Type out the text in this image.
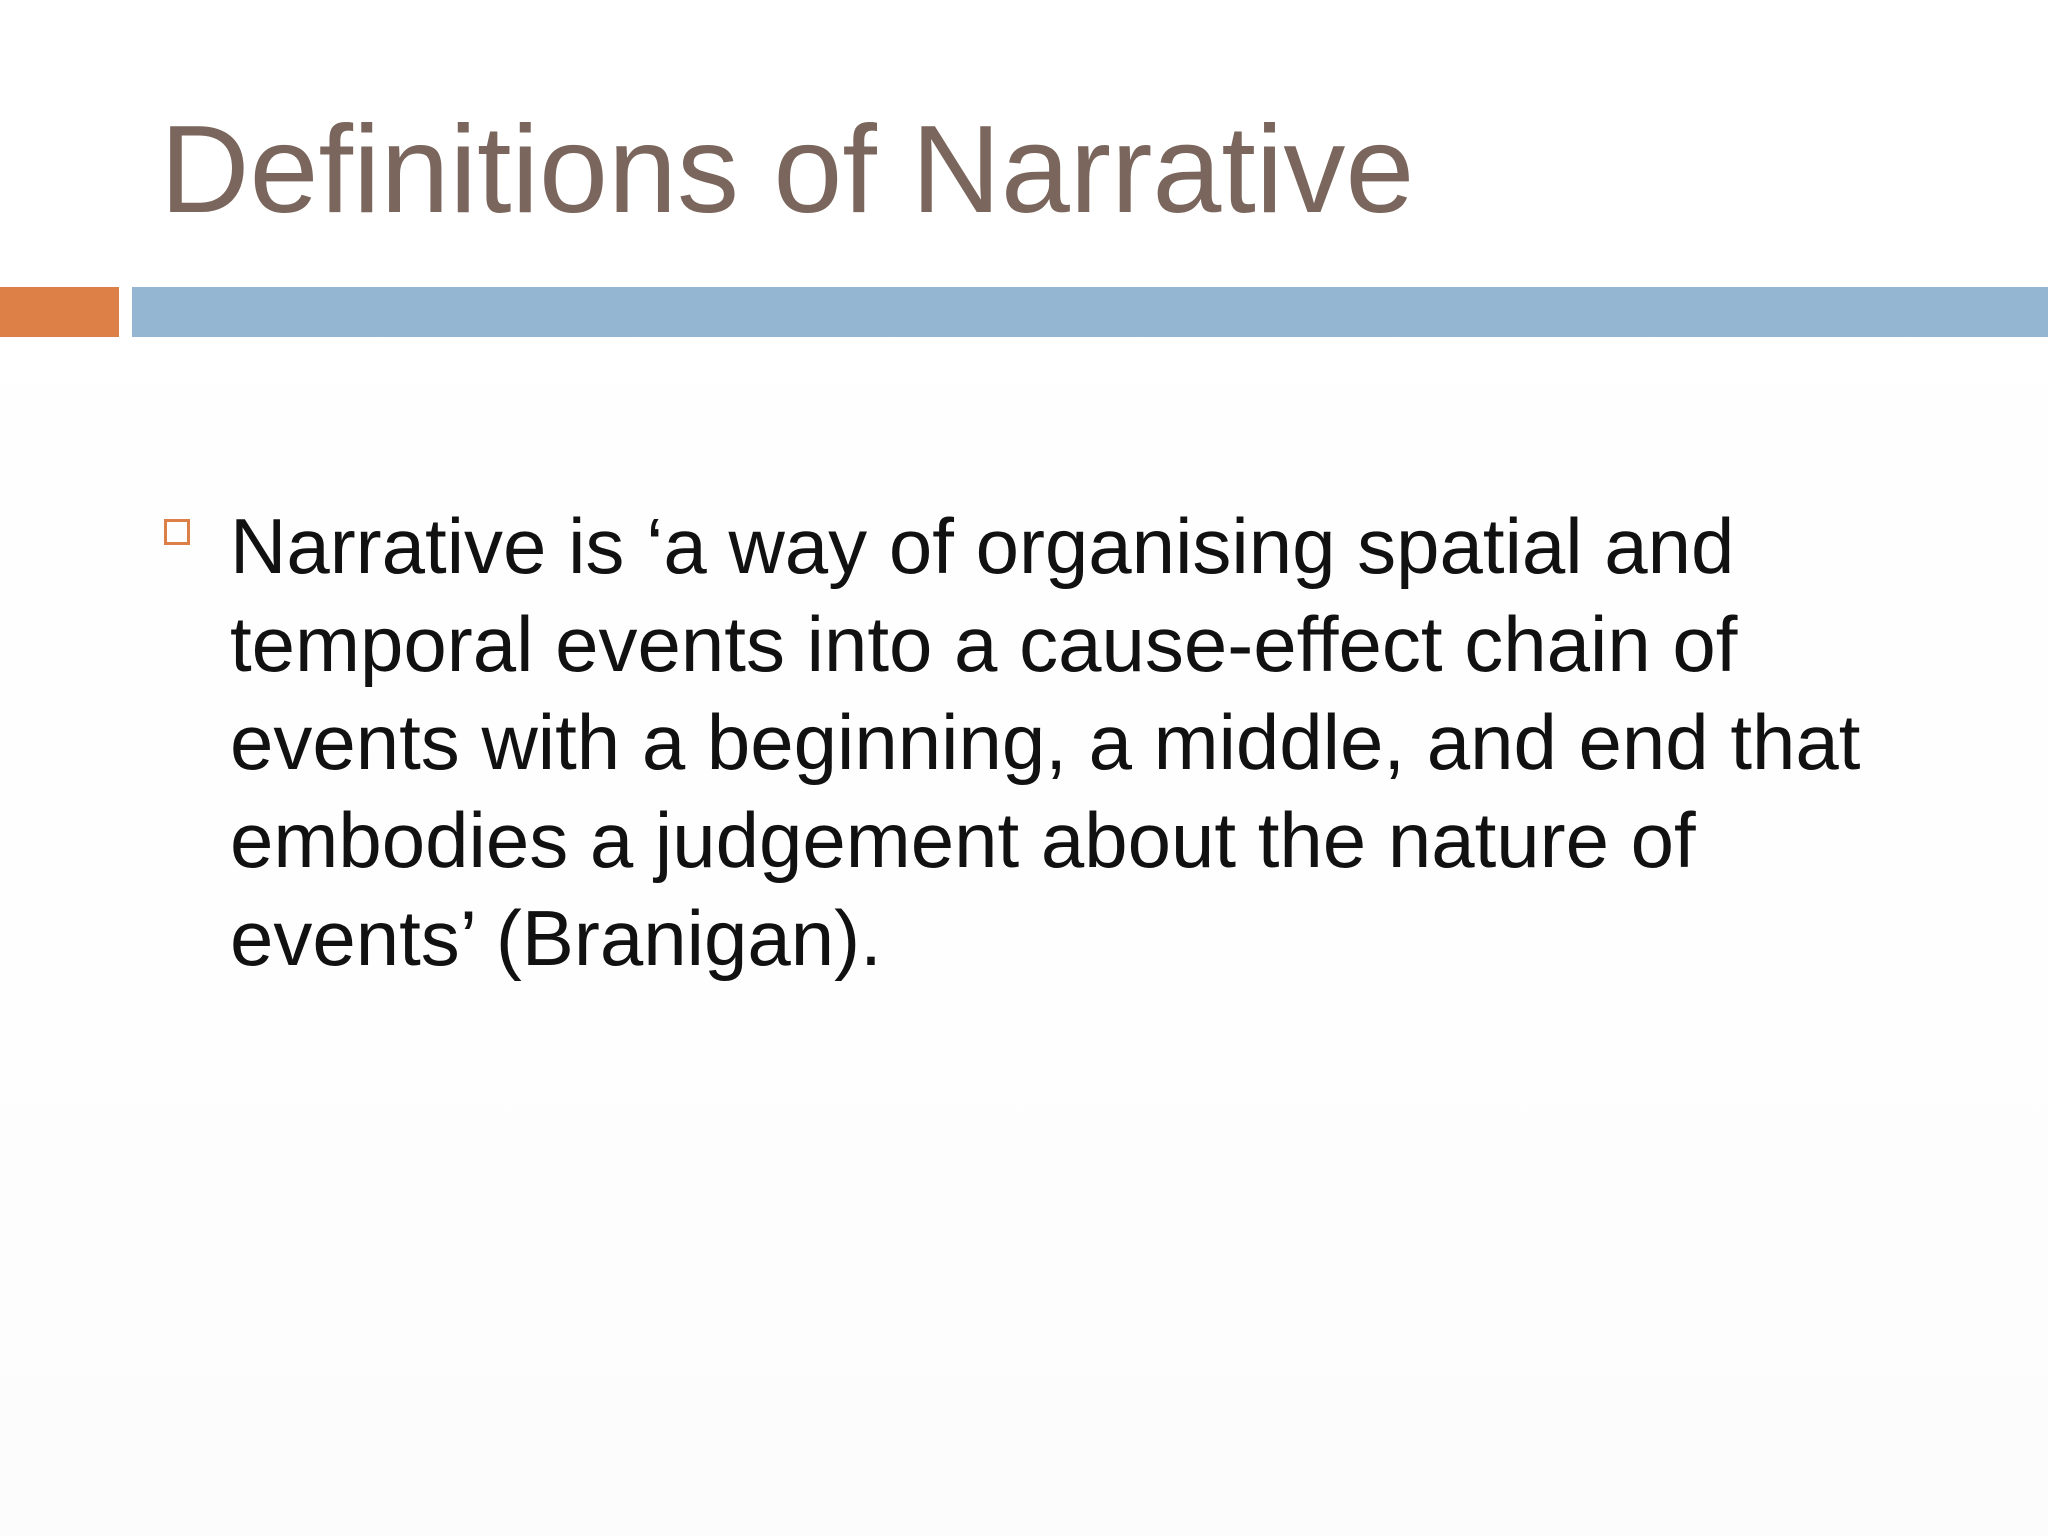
Definitions of Narrative
Narrative is ‘a way of organising spatial and temporal events into a cause-effect chain of events with a beginning, a middle, and end that embodies a judgement about the nature of events’ (Branigan).
